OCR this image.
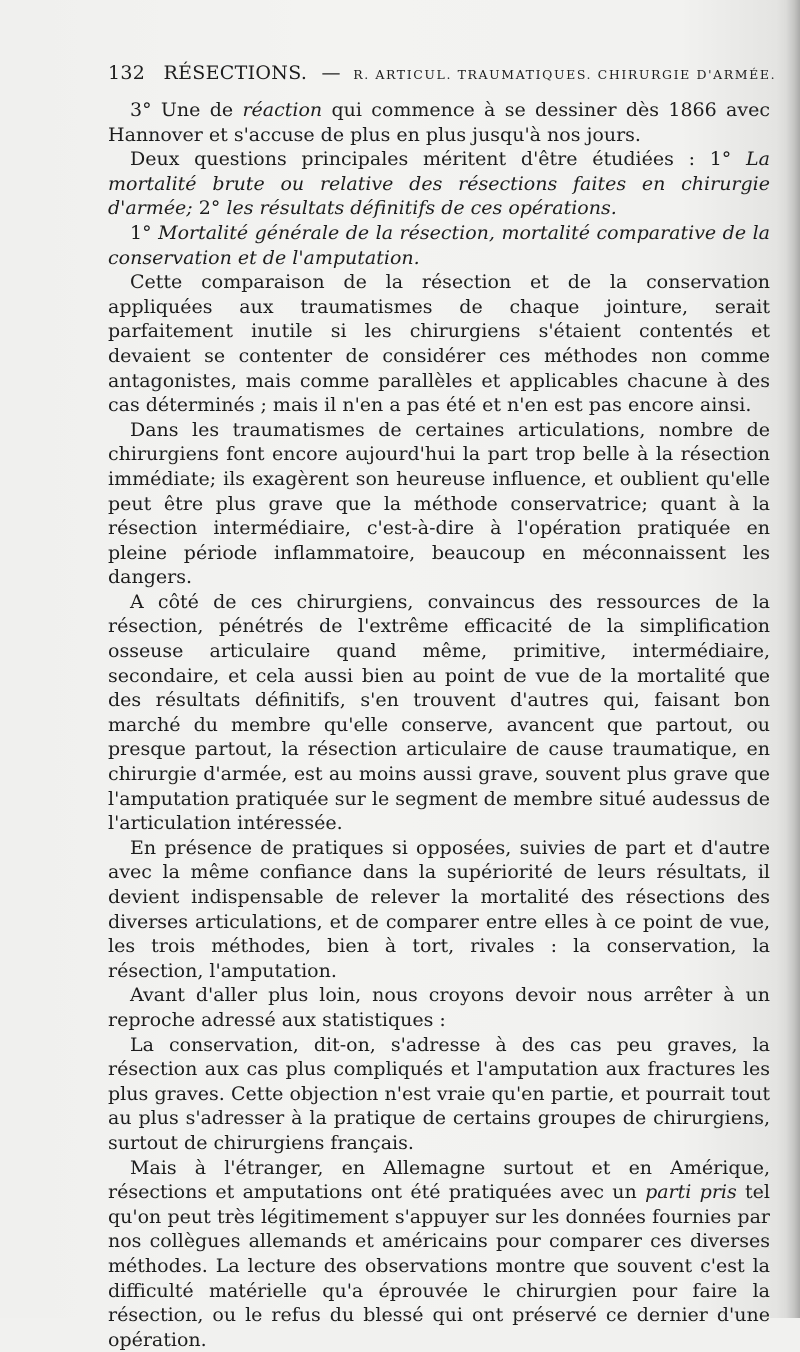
132 RÉSECTIONS. — R. ARTICUL. TRAUMATIQUES. CHIRURGIE D'ARMÉE.

3° Une de réaction qui commence à se dessiner dès 1866 avec Hannover et s'accuse de plus en plus jusqu'à nos jours.

Deux questions principales méritent d'être étudiées : 1° La mortalité brute ou relative des résections faites en chirurgie d'armée; 2° les résultats définitifs de ces opérations.

1° Mortalité générale de la résection, mortalité comparative de la conservation et de l'amputation.

Cette comparaison de la résection et de la conservation appliquées aux traumatismes de chaque jointure, serait parfaitement inutile si les chirurgiens s'étaient contentés et devaient se contenter de considérer ces méthodes non comme antagonistes, mais comme parallèles et applicables chacune à des cas déterminés ; mais il n'en a pas été et n'en est pas encore ainsi.

Dans les traumatismes de certaines articulations, nombre de chirurgiens font encore aujourd'hui la part trop belle à la résection immédiate; ils exagèrent son heureuse influence, et oublient qu'elle peut être plus grave que la méthode conservatrice; quant à la résection intermédiaire, c'est-à-dire à l'opération pratiquée en pleine période inflammatoire, beaucoup en méconnaissent les dangers.

A côté de ces chirurgiens, convaincus des ressources de la résection, pénétrés de l'extrême efficacité de la simplification osseuse articulaire quand même, primitive, intermédiaire, secondaire, et cela aussi bien au point de vue de la mortalité que des résultats définitifs, s'en trouvent d'autres qui, faisant bon marché du membre qu'elle conserve, avancent que partout, ou presque partout, la résection articulaire de cause traumatique, en chirurgie d'armée, est au moins aussi grave, souvent plus grave que l'amputation pratiquée sur le segment de membre situé audessus de l'articulation intéressée.

En présence de pratiques si opposées, suivies de part et d'autre avec la même confiance dans la supériorité de leurs résultats, il devient indispensable de relever la mortalité des résections des diverses articulations, et de comparer entre elles à ce point de vue, les trois méthodes, bien à tort, rivales : la conservation, la résection, l'amputation.

Avant d'aller plus loin, nous croyons devoir nous arrêter à un reproche adressé aux statistiques :

La conservation, dit-on, s'adresse à des cas peu graves, la résection aux cas plus compliqués et l'amputation aux fractures les plus graves. Cette objection n'est vraie qu'en partie, et pourrait tout au plus s'adresser à la pratique de certains groupes de chirurgiens, surtout de chirurgiens français.

Mais à l'étranger, en Allemagne surtout et en Amérique, résections et amputations ont été pratiquées avec un parti pris tel qu'on peut très légitimement s'appuyer sur les données fournies par nos collègues allemands et américains pour comparer ces diverses méthodes. La lecture des observations montre que souvent c'est la difficulté matérielle qu'a éprouvée le chirurgien pour faire la résection, ou le refus du blessé qui ont préservé ce dernier d'une opération.
